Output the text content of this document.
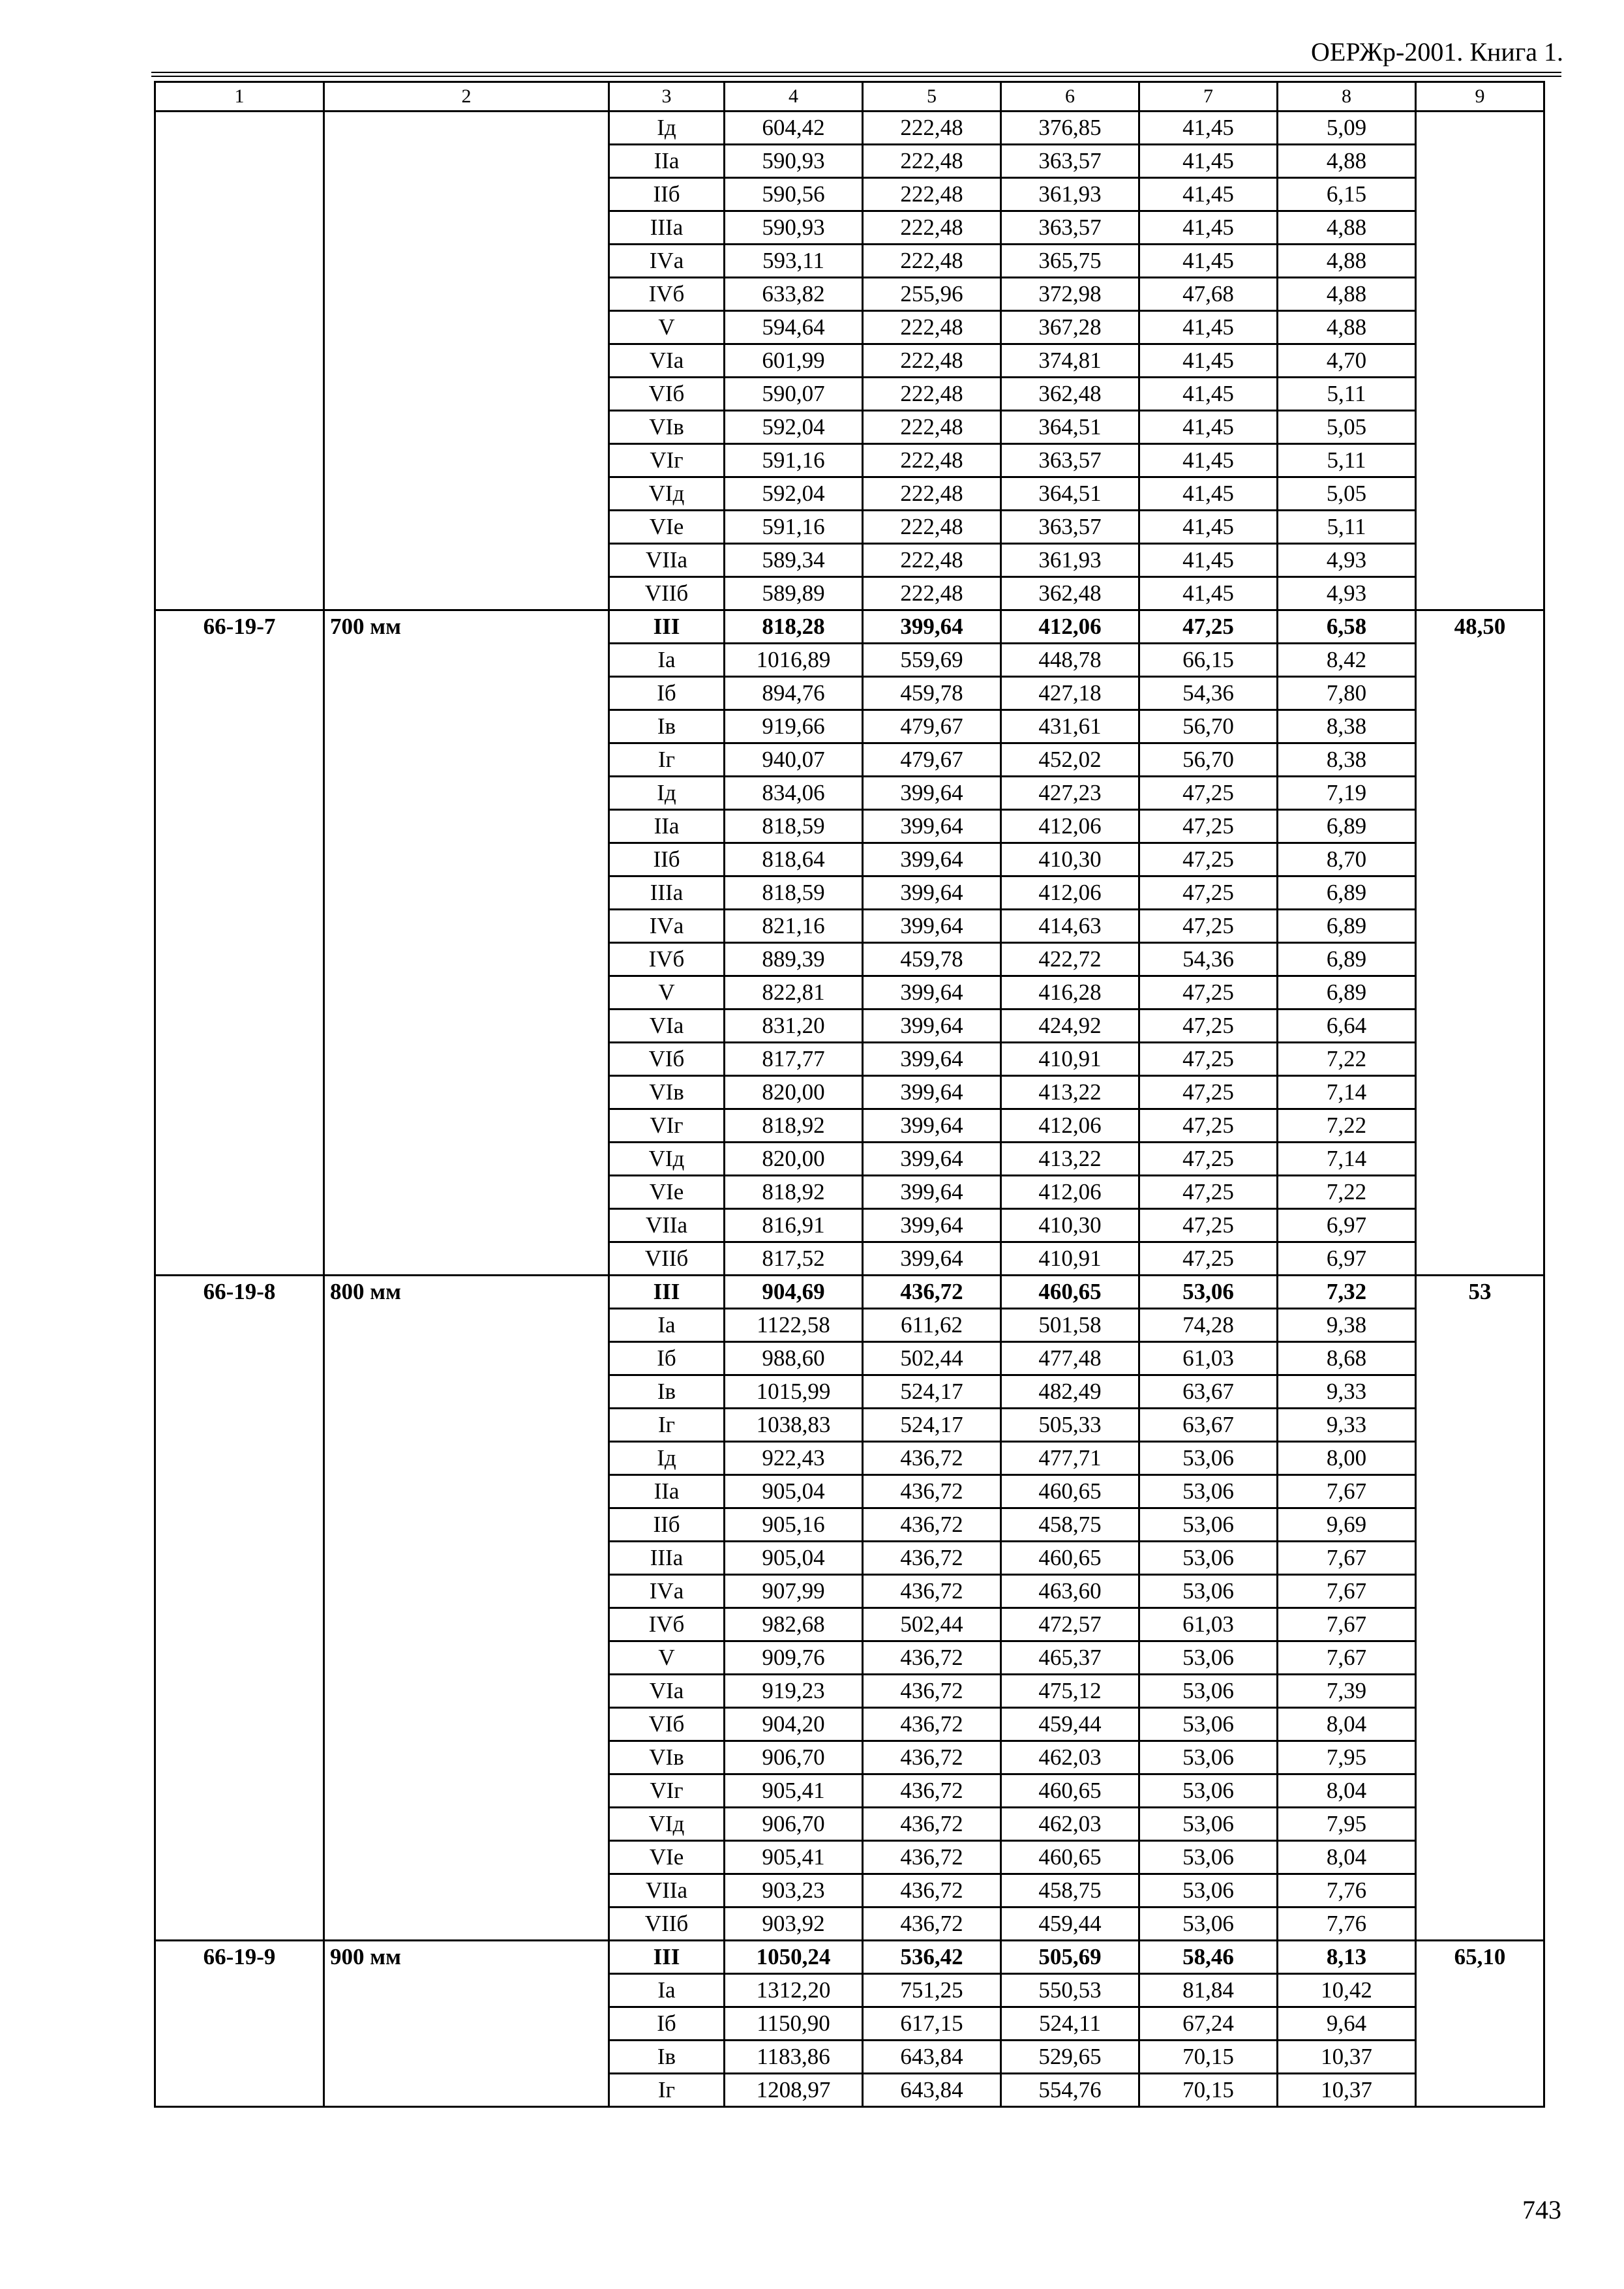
ОЕРЖр-2001. Книга 1.
1	2	3	4	5	6	7	8	9
		Iд	604,42	222,48	376,85	41,45	5,09	
		IIа	590,93	222,48	363,57	41,45	4,88	
		IIб	590,56	222,48	361,93	41,45	6,15	
		IIIа	590,93	222,48	363,57	41,45	4,88	
		IVа	593,11	222,48	365,75	41,45	4,88	
		IVб	633,82	255,96	372,98	47,68	4,88	
		V	594,64	222,48	367,28	41,45	4,88	
		VIа	601,99	222,48	374,81	41,45	4,70	
		VIб	590,07	222,48	362,48	41,45	5,11	
		VIв	592,04	222,48	364,51	41,45	5,05	
		VIг	591,16	222,48	363,57	41,45	5,11	
		VIд	592,04	222,48	364,51	41,45	5,05	
		VIе	591,16	222,48	363,57	41,45	5,11	
		VIIа	589,34	222,48	361,93	41,45	4,93	
		VIIб	589,89	222,48	362,48	41,45	4,93	
66-19-7	700 мм	III	818,28	399,64	412,06	47,25	6,58	48,50
		Iа	1016,89	559,69	448,78	66,15	8,42	
		Iб	894,76	459,78	427,18	54,36	7,80	
		Iв	919,66	479,67	431,61	56,70	8,38	
		Iг	940,07	479,67	452,02	56,70	8,38	
		Iд	834,06	399,64	427,23	47,25	7,19	
		IIа	818,59	399,64	412,06	47,25	6,89	
		IIб	818,64	399,64	410,30	47,25	8,70	
		IIIа	818,59	399,64	412,06	47,25	6,89	
		IVа	821,16	399,64	414,63	47,25	6,89	
		IVб	889,39	459,78	422,72	54,36	6,89	
		V	822,81	399,64	416,28	47,25	6,89	
		VIа	831,20	399,64	424,92	47,25	6,64	
		VIб	817,77	399,64	410,91	47,25	7,22	
		VIв	820,00	399,64	413,22	47,25	7,14	
		VIг	818,92	399,64	412,06	47,25	7,22	
		VIд	820,00	399,64	413,22	47,25	7,14	
		VIе	818,92	399,64	412,06	47,25	7,22	
		VIIа	816,91	399,64	410,30	47,25	6,97	
		VIIб	817,52	399,64	410,91	47,25	6,97	
66-19-8	800 мм	III	904,69	436,72	460,65	53,06	7,32	53
		Iа	1122,58	611,62	501,58	74,28	9,38	
		Iб	988,60	502,44	477,48	61,03	8,68	
		Iв	1015,99	524,17	482,49	63,67	9,33	
		Iг	1038,83	524,17	505,33	63,67	9,33	
		Iд	922,43	436,72	477,71	53,06	8,00	
		IIа	905,04	436,72	460,65	53,06	7,67	
		IIб	905,16	436,72	458,75	53,06	9,69	
		IIIа	905,04	436,72	460,65	53,06	7,67	
		IVа	907,99	436,72	463,60	53,06	7,67	
		IVб	982,68	502,44	472,57	61,03	7,67	
		V	909,76	436,72	465,37	53,06	7,67	
		VIа	919,23	436,72	475,12	53,06	7,39	
		VIб	904,20	436,72	459,44	53,06	8,04	
		VIв	906,70	436,72	462,03	53,06	7,95	
		VIг	905,41	436,72	460,65	53,06	8,04	
		VIд	906,70	436,72	462,03	53,06	7,95	
		VIе	905,41	436,72	460,65	53,06	8,04	
		VIIа	903,23	436,72	458,75	53,06	7,76	
		VIIб	903,92	436,72	459,44	53,06	7,76	
66-19-9	900 мм	III	1050,24	536,42	505,69	58,46	8,13	65,10
		Iа	1312,20	751,25	550,53	81,84	10,42	
		Iб	1150,90	617,15	524,11	67,24	9,64	
		Iв	1183,86	643,84	529,65	70,15	10,37	
		Iг	1208,97	643,84	554,76	70,15	10,37	
743
